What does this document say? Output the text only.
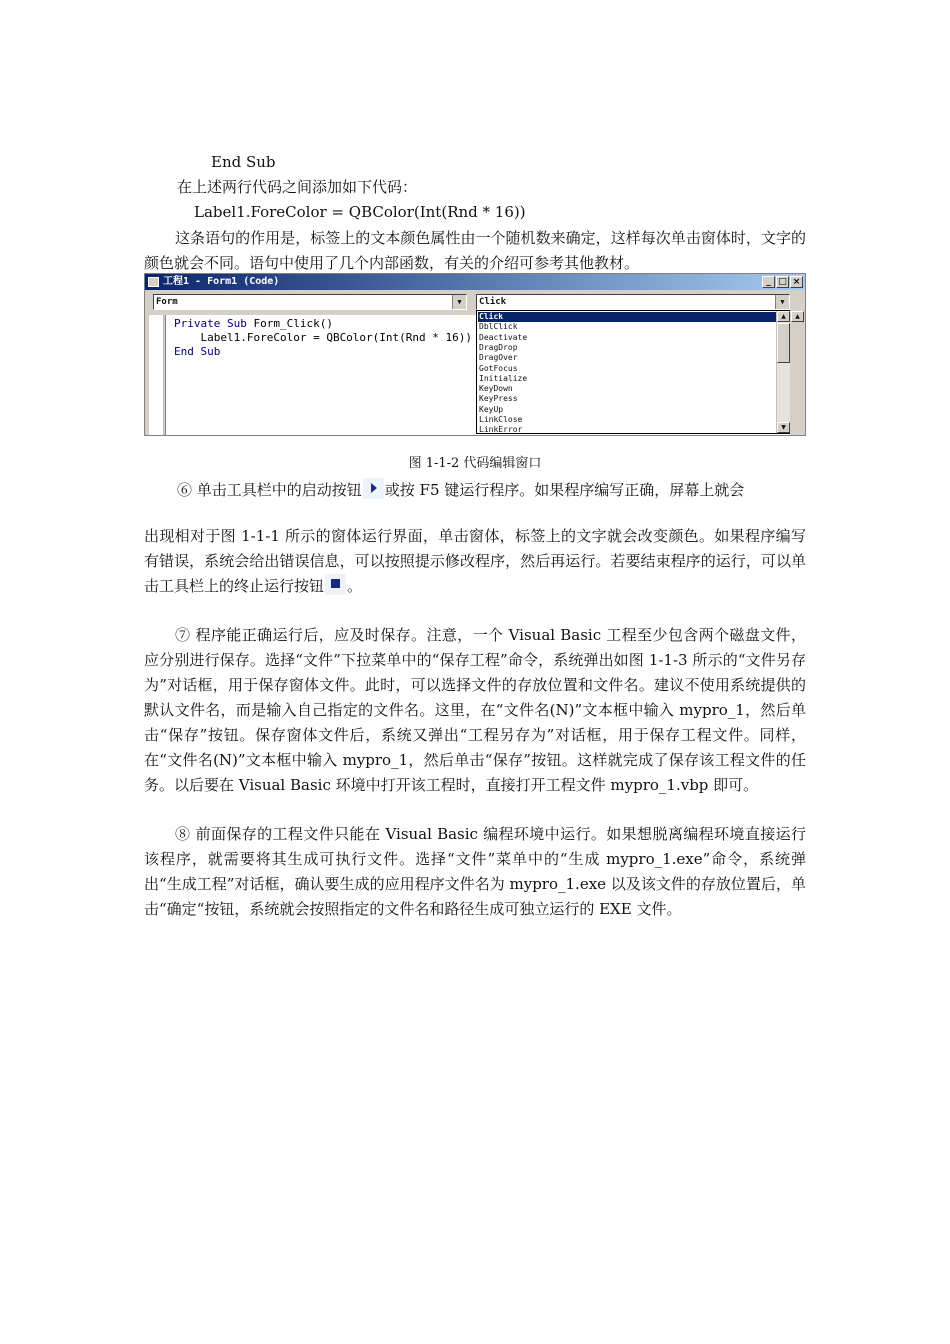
End Sub
在上述两行代码之间添加如下代码：
Label1.ForeColor = QBColor(Int(Rnd * 16))
这条语句的作用是，标签上的文本颜色属性由一个随机数来确定，这样每次单击窗体时，文字的颜色就会不同。语句中使用了几个内部函数，有关的介绍可参考其他教材。
工程1 - Form1 (Code)	_ □ ×
Form	▼	Click	▼
Private Sub Form_Click()
Label1.ForeColor = QBColor(Int(Rnd * 16))
End Sub
Click
DblClick
Deactivate
DragDrop
DragOver
GotFocus
Initialize
KeyDown
KeyPress
KeyUp
LinkClose
LinkError
▲
▼
▲
图 1-1-2 代码编辑窗口
⑥ 单击工具栏中的启动按钮 或按 F5 键运行程序。如果程序编写正确，屏幕上就会
出现相对于图 1-1-1 所示的窗体运行界面，单击窗体，标签上的文字就会改变颜色。如果程序编写有错误，系统会给出错误信息，可以按照提示修改程序，然后再运行。若要结束程序的运行，可以单击工具栏上的终止运行按钮 。
⑦ 程序能正确运行后，应及时保存。注意，一个 Visual Basic 工程至少包含两个磁盘文件，应分别进行保存。选择“文件”下拉菜单中的“保存工程”命令，系统弹出如图 1-1-3 所示的“文件另存为”对话框，用于保存窗体文件。此时，可以选择文件的存放位置和文件名。建议不使用系统提供的默认文件名，而是输入自己指定的文件名。这里，在“文件名(N)”文本框中输入 mypro_1，然后单击“保存”按钮。保存窗体文件后，系统又弹出“工程另存为”对话框，用于保存工程文件。同样，在“文件名(N)”文本框中输入 mypro_1，然后单击“保存”按钮。这样就完成了保存该工程文件的任务。以后要在 Visual Basic 环境中打开该工程时，直接打开工程文件 mypro_1.vbp 即可。
⑧ 前面保存的工程文件只能在 Visual Basic 编程环境中运行。如果想脱离编程环境直接运行该程序，就需要将其生成可执行文件。选择“文件”菜单中的“生成 mypro_1.exe”命令，系统弹出“生成工程”对话框，确认要生成的应用程序文件名为 mypro_1.exe 以及该文件的存放位置后，单击“确定“按钮，系统就会按照指定的文件名和路径生成可独立运行的 EXE 文件。
